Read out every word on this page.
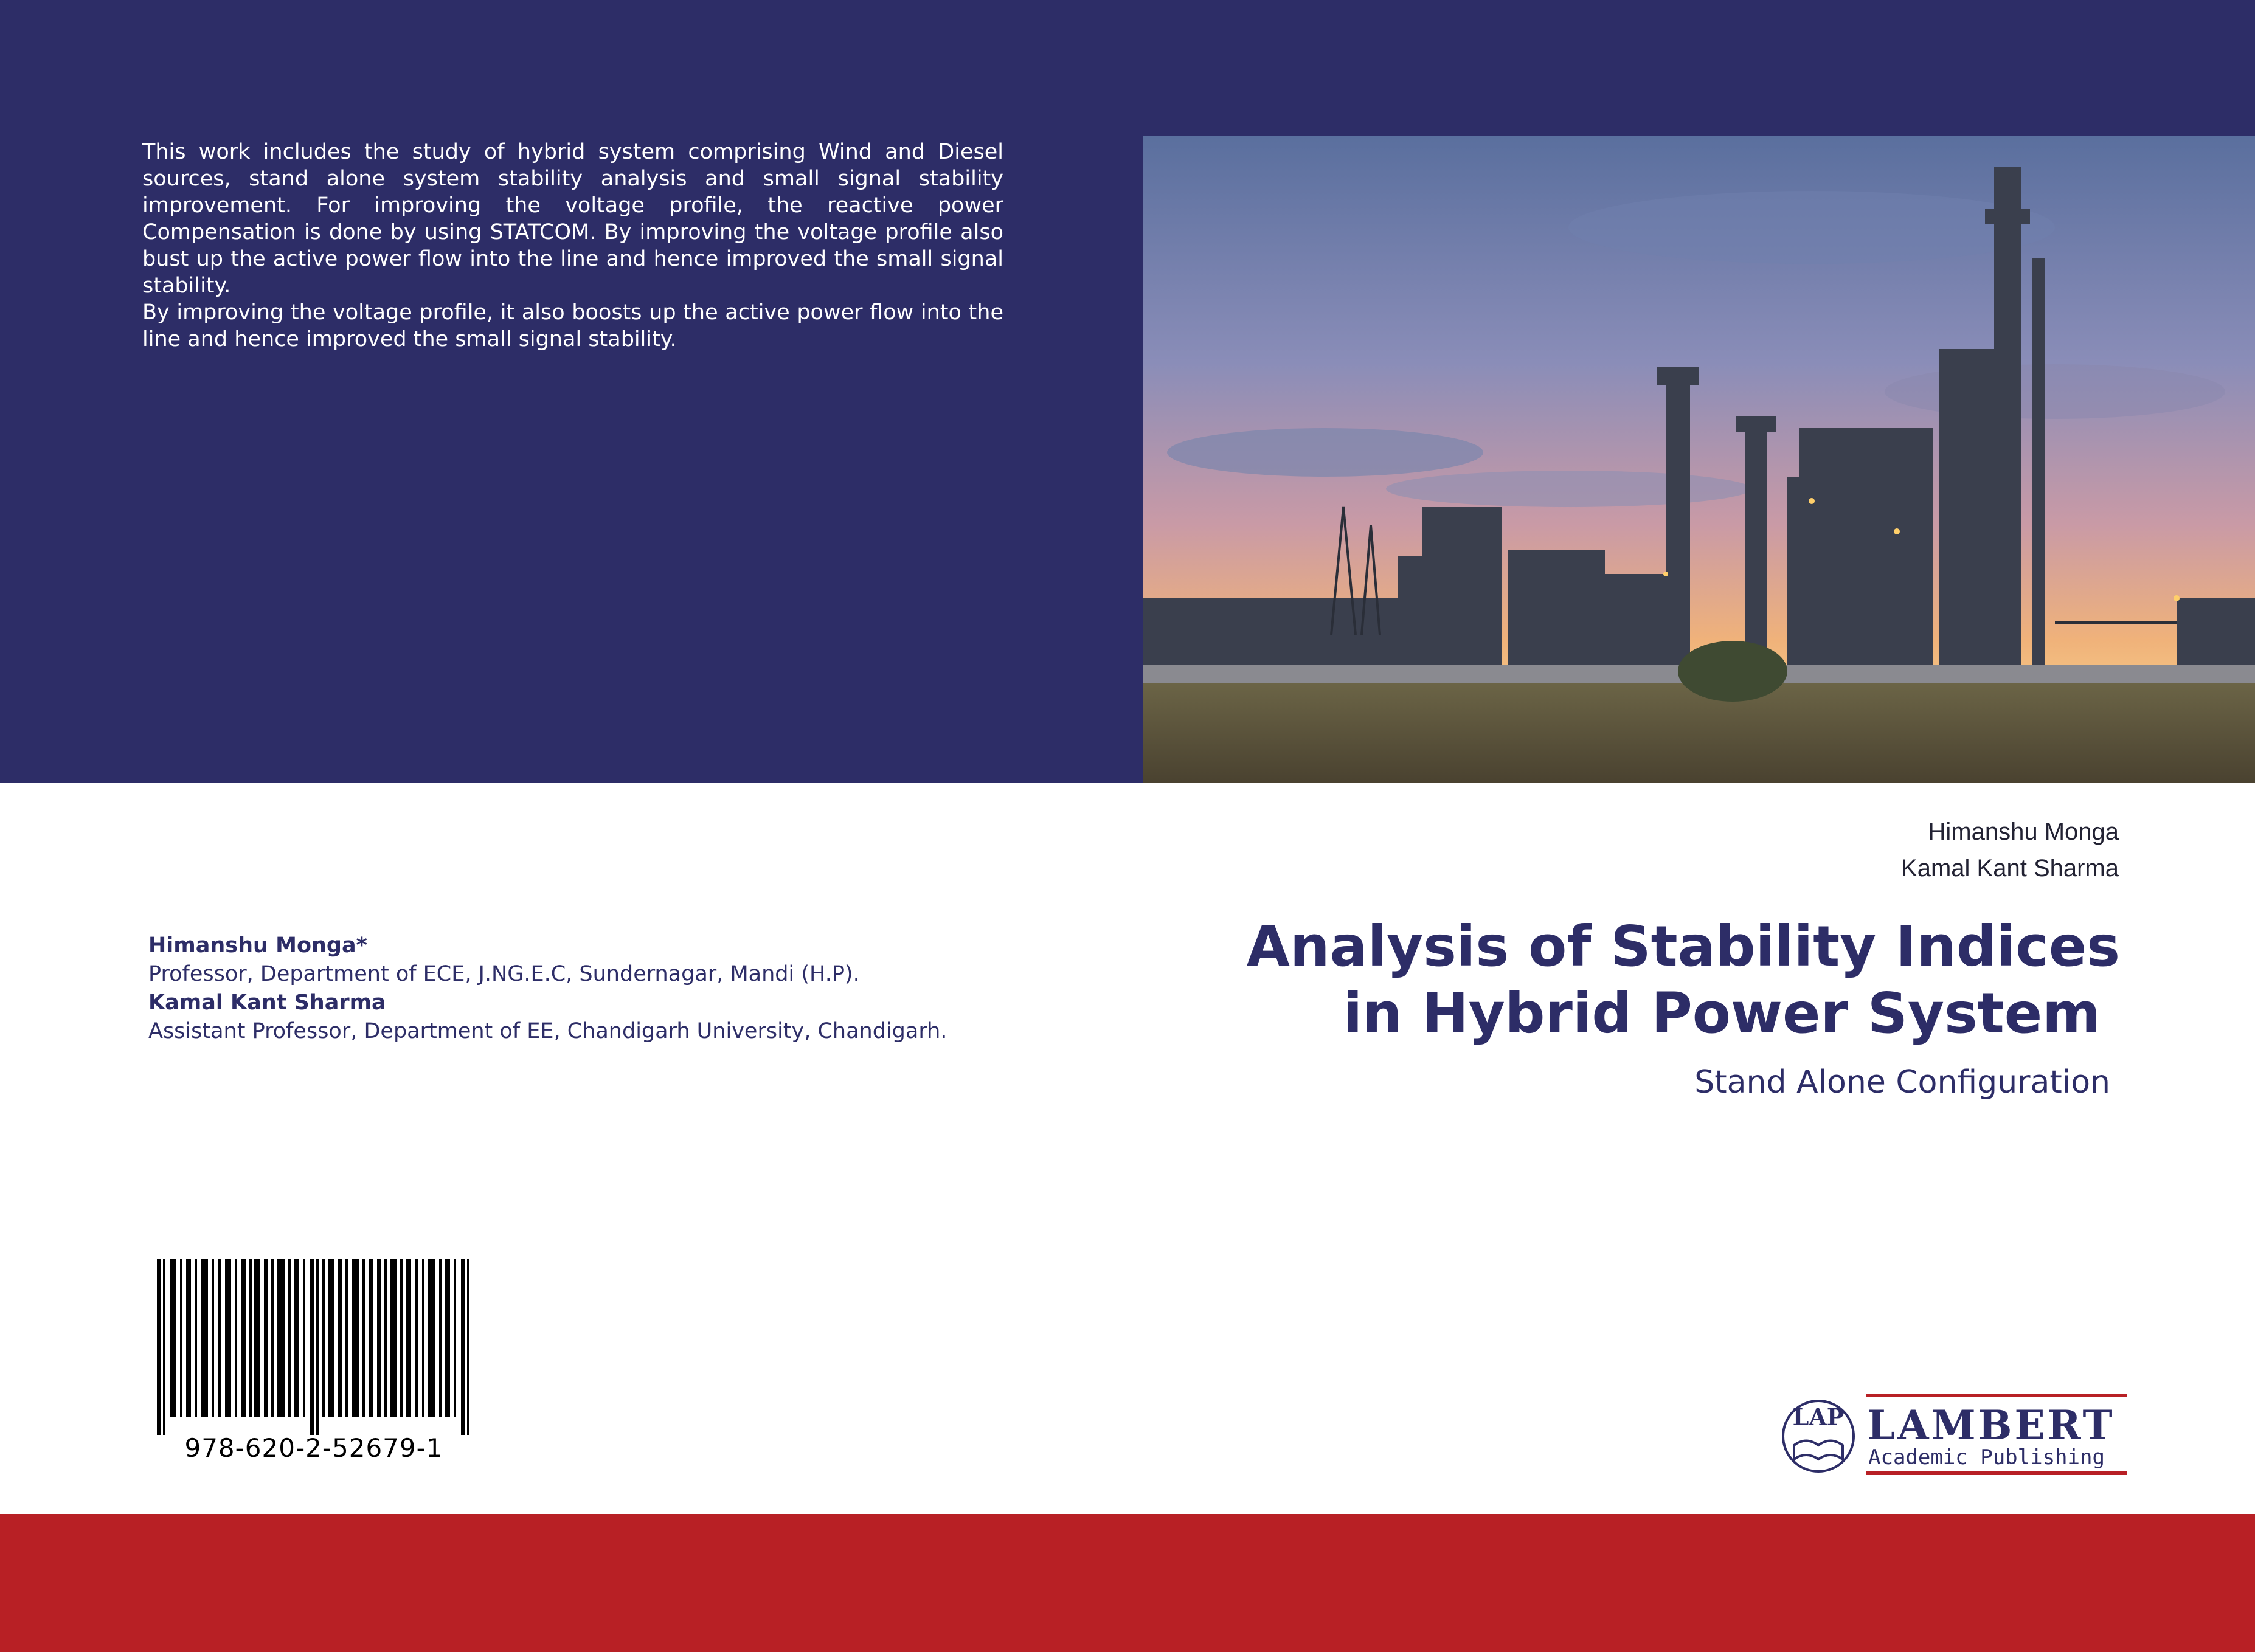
This work includes the study of hybrid system comprising Wind and Diesel sources, stand alone system stability analysis and small signal stability improvement. For improving the voltage profile, the reactive power Compensation is done by using STATCOM. By improving the voltage profile also bust up the active power flow into the line and hence improved the small signal stability.

By improving the voltage profile, it also boosts up the active power flow into the line and hence improved the small signal stability.

Himanshu Monga
Kamal Kant Sharma
Analysis of Stability Indices
in Hybrid Power System
Stand Alone Configuration
Himanshu Monga*
Professor, Department of ECE, J.NG.E.C, Sundernagar, Mandi (H.P).
Kamal Kant Sharma
Assistant Professor, Department of EE, Chandigarh University, Chandigarh.
978-620-2-52679-1
LAP LAMBERT
Academic Publishing
